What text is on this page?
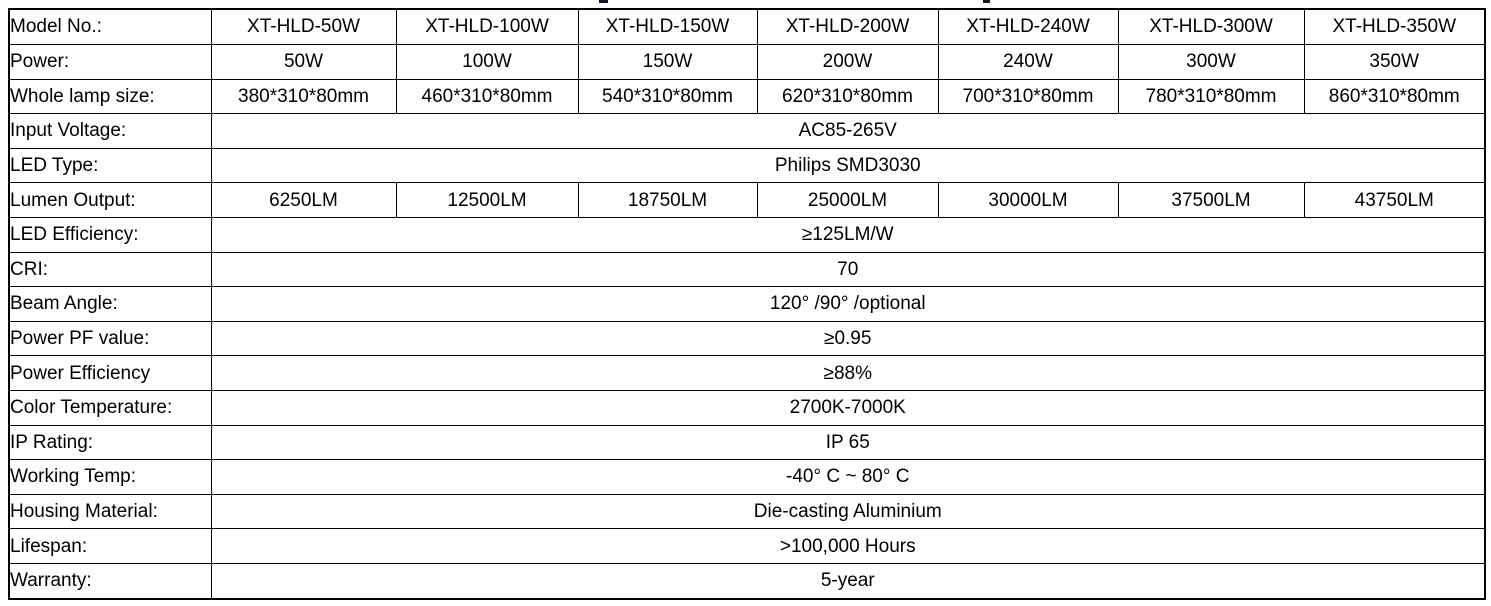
Model No.:	XT-HLD-50W	XT-HLD-100W	XT-HLD-150W	XT-HLD-200W	XT-HLD-240W	XT-HLD-300W	XT-HLD-350W
Power:	50W	100W	150W	200W	240W	300W	350W
Whole lamp size:	380*310*80mm	460*310*80mm	540*310*80mm	620*310*80mm	700*310*80mm	780*310*80mm	860*310*80mm
Input Voltage:	AC85-265V						
LED Type:	Philips SMD3030						
Lumen Output:	6250LM	12500LM	18750LM	25000LM	30000LM	37500LM	43750LM
LED Efficiency:	≥125LM/W						
CRI:	70						
Beam Angle:	120° /90° /optional						
Power PF value:	≥0.95						
Power Efficiency	≥88%						
Color Temperature:	2700K-7000K						
IP Rating:	IP 65						
Working Temp:	-40° C ~ 80° C						
Housing Material:	Die-casting Aluminium						
Lifespan:	>100,000 Hours						
Warranty:	5-year						
